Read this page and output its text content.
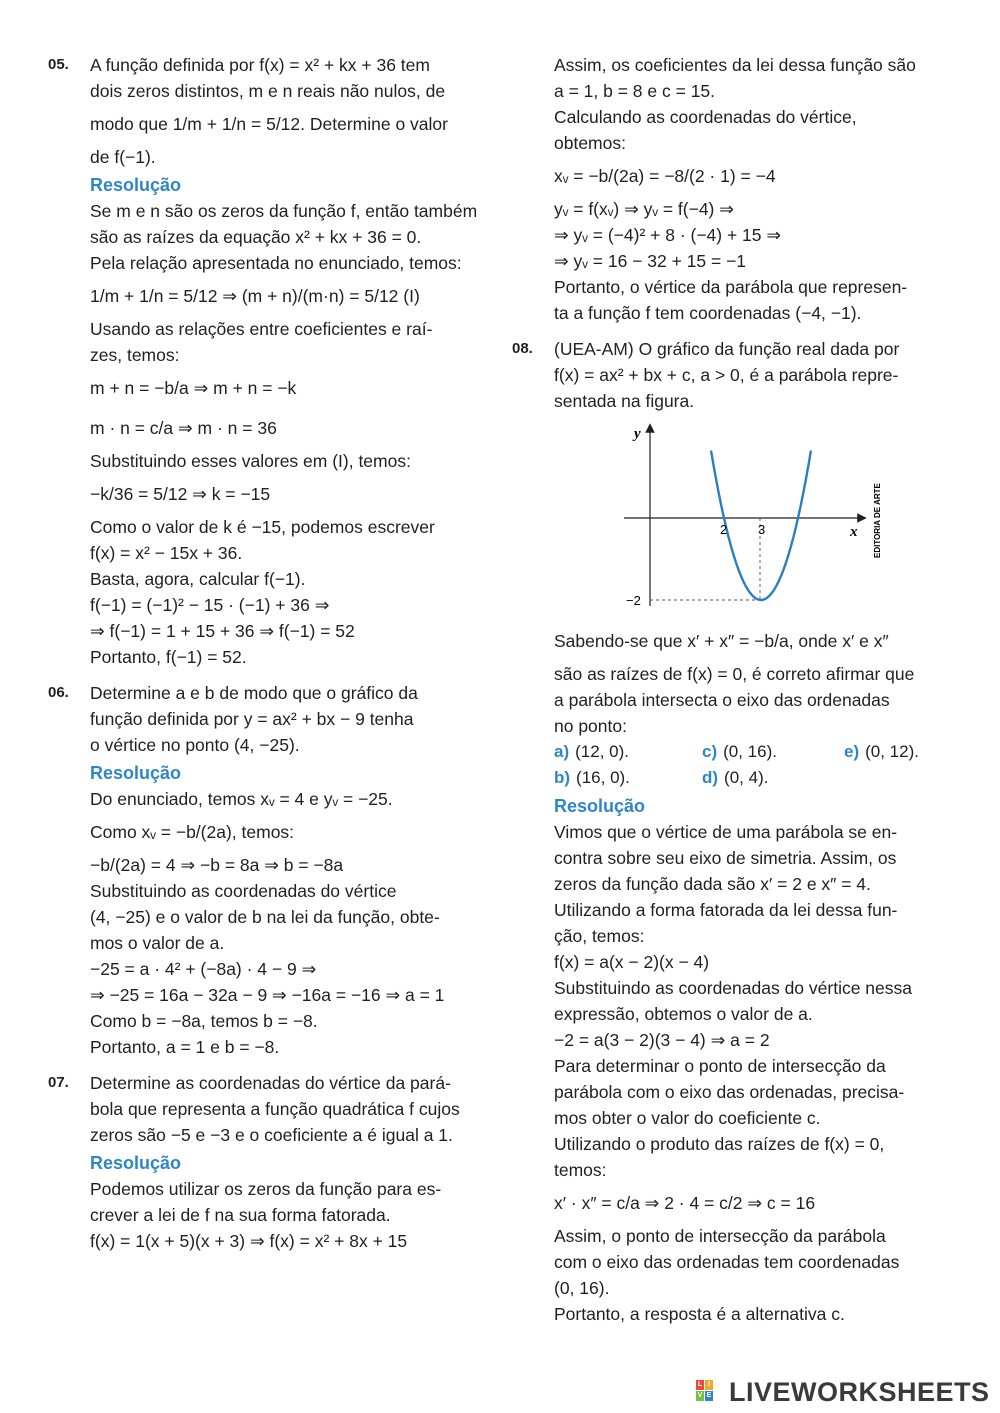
05.	A função definida por f(x) = x² + kx + 36 tem
dois zeros distintos, m e n reais não nulos, de
modo que 1/m + 1/n = 5/12. Determine o valor
de f(−1).
Resolução
Se m e n são os zeros da função f, então também
são as raízes da equação x² + kx + 36 = 0.
Pela relação apresentada no enunciado, temos:
1/m + 1/n = 5/12 ⇒ (m + n)/(m·n) = 5/12 (I)
Usando as relações entre coeficientes e raí-
zes, temos:
m + n = −b/a ⇒ m + n = −k
m · n = c/a ⇒ m · n = 36
Substituindo esses valores em (I), temos:
−k/36 = 5/12 ⇒ k = −15
Como o valor de k é −15, podemos escrever
f(x) = x² − 15x + 36.
Basta, agora, calcular f(−1).
f(−1) = (−1)² − 15 · (−1) + 36 ⇒
⇒ f(−1) = 1 + 15 + 36 ⇒ f(−1) = 52
Portanto, f(−1) = 52.
06.	Determine a e b de modo que o gráfico da
função definida por y = ax² + bx − 9 tenha
o vértice no ponto (4, −25).
Resolução
Do enunciado, temos xᵥ = 4 e yᵥ = −25.
Como xᵥ = −b/(2a), temos:
−b/(2a) = 4 ⇒ −b = 8a ⇒ b = −8a
Substituindo as coordenadas do vértice
(4, −25) e o valor de b na lei da função, obte-
mos o valor de a.
−25 = a · 4² + (−8a) · 4 − 9 ⇒
⇒ −25 = 16a − 32a − 9 ⇒ −16a = −16 ⇒ a = 1
Como b = −8a, temos b = −8.
Portanto, a = 1 e b = −8.
07.	Determine as coordenadas do vértice da pará-
bola que representa a função quadrática f cujos
zeros são −5 e −3 e o coeficiente a é igual a 1.
Resolução
Podemos utilizar os zeros da função para es-
crever a lei de f na sua forma fatorada.
f(x) = 1(x + 5)(x + 3) ⇒ f(x) = x² + 8x + 15
Assim, os coeficientes da lei dessa função são
a = 1, b = 8 e c = 15.
Calculando as coordenadas do vértice,
obtemos:
xᵥ = −b/(2a) = −8/(2 · 1) = −4
yᵥ = f(xᵥ) ⇒ yᵥ = f(−4) ⇒
⇒ yᵥ = (−4)² + 8 · (−4) + 15 ⇒
⇒ yᵥ = 16 − 32 + 15 = −1
Portanto, o vértice da parábola que represen-
ta a função f tem coordenadas (−4, −1).
08.	(UEA-AM) O gráfico da função real dada por
f(x) = ax² + bx + c, a > 0, é a parábola repre-
sentada na figura.
y
x
2 3
−2
EDITORIA DE ARTE
Sabendo-se que x′ + x″ = −b/a, onde x′ e x″
são as raízes de f(x) = 0, é correto afirmar que
a parábola intersecta o eixo das ordenadas
no ponto:
a) (12, 0).	c) (0, 16).	e) (0, 12).
b) (16, 0).	d) (0, 4).
Resolução
Vimos que o vértice de uma parábola se en-
contra sobre seu eixo de simetria. Assim, os
zeros da função dada são x′ = 2 e x″ = 4.
Utilizando a forma fatorada da lei dessa fun-
ção, temos:
f(x) = a(x − 2)(x − 4)
Substituindo as coordenadas do vértice nessa
expressão, obtemos o valor de a.
−2 = a(3 − 2)(3 − 4) ⇒ a = 2
Para determinar o ponto de intersecção da
parábola com o eixo das ordenadas, precisa-
mos obter o valor do coeficiente c.
Utilizando o produto das raízes de f(x) = 0,
temos:
x′ · x″ = c/a ⇒ 2 · 4 = c/2 ⇒ c = 16
Assim, o ponto de intersecção da parábola
com o eixo das ordenadas tem coordenadas
(0, 16).
Portanto, a resposta é a alternativa c.
L I
V E LIVEWORKSHEETS
